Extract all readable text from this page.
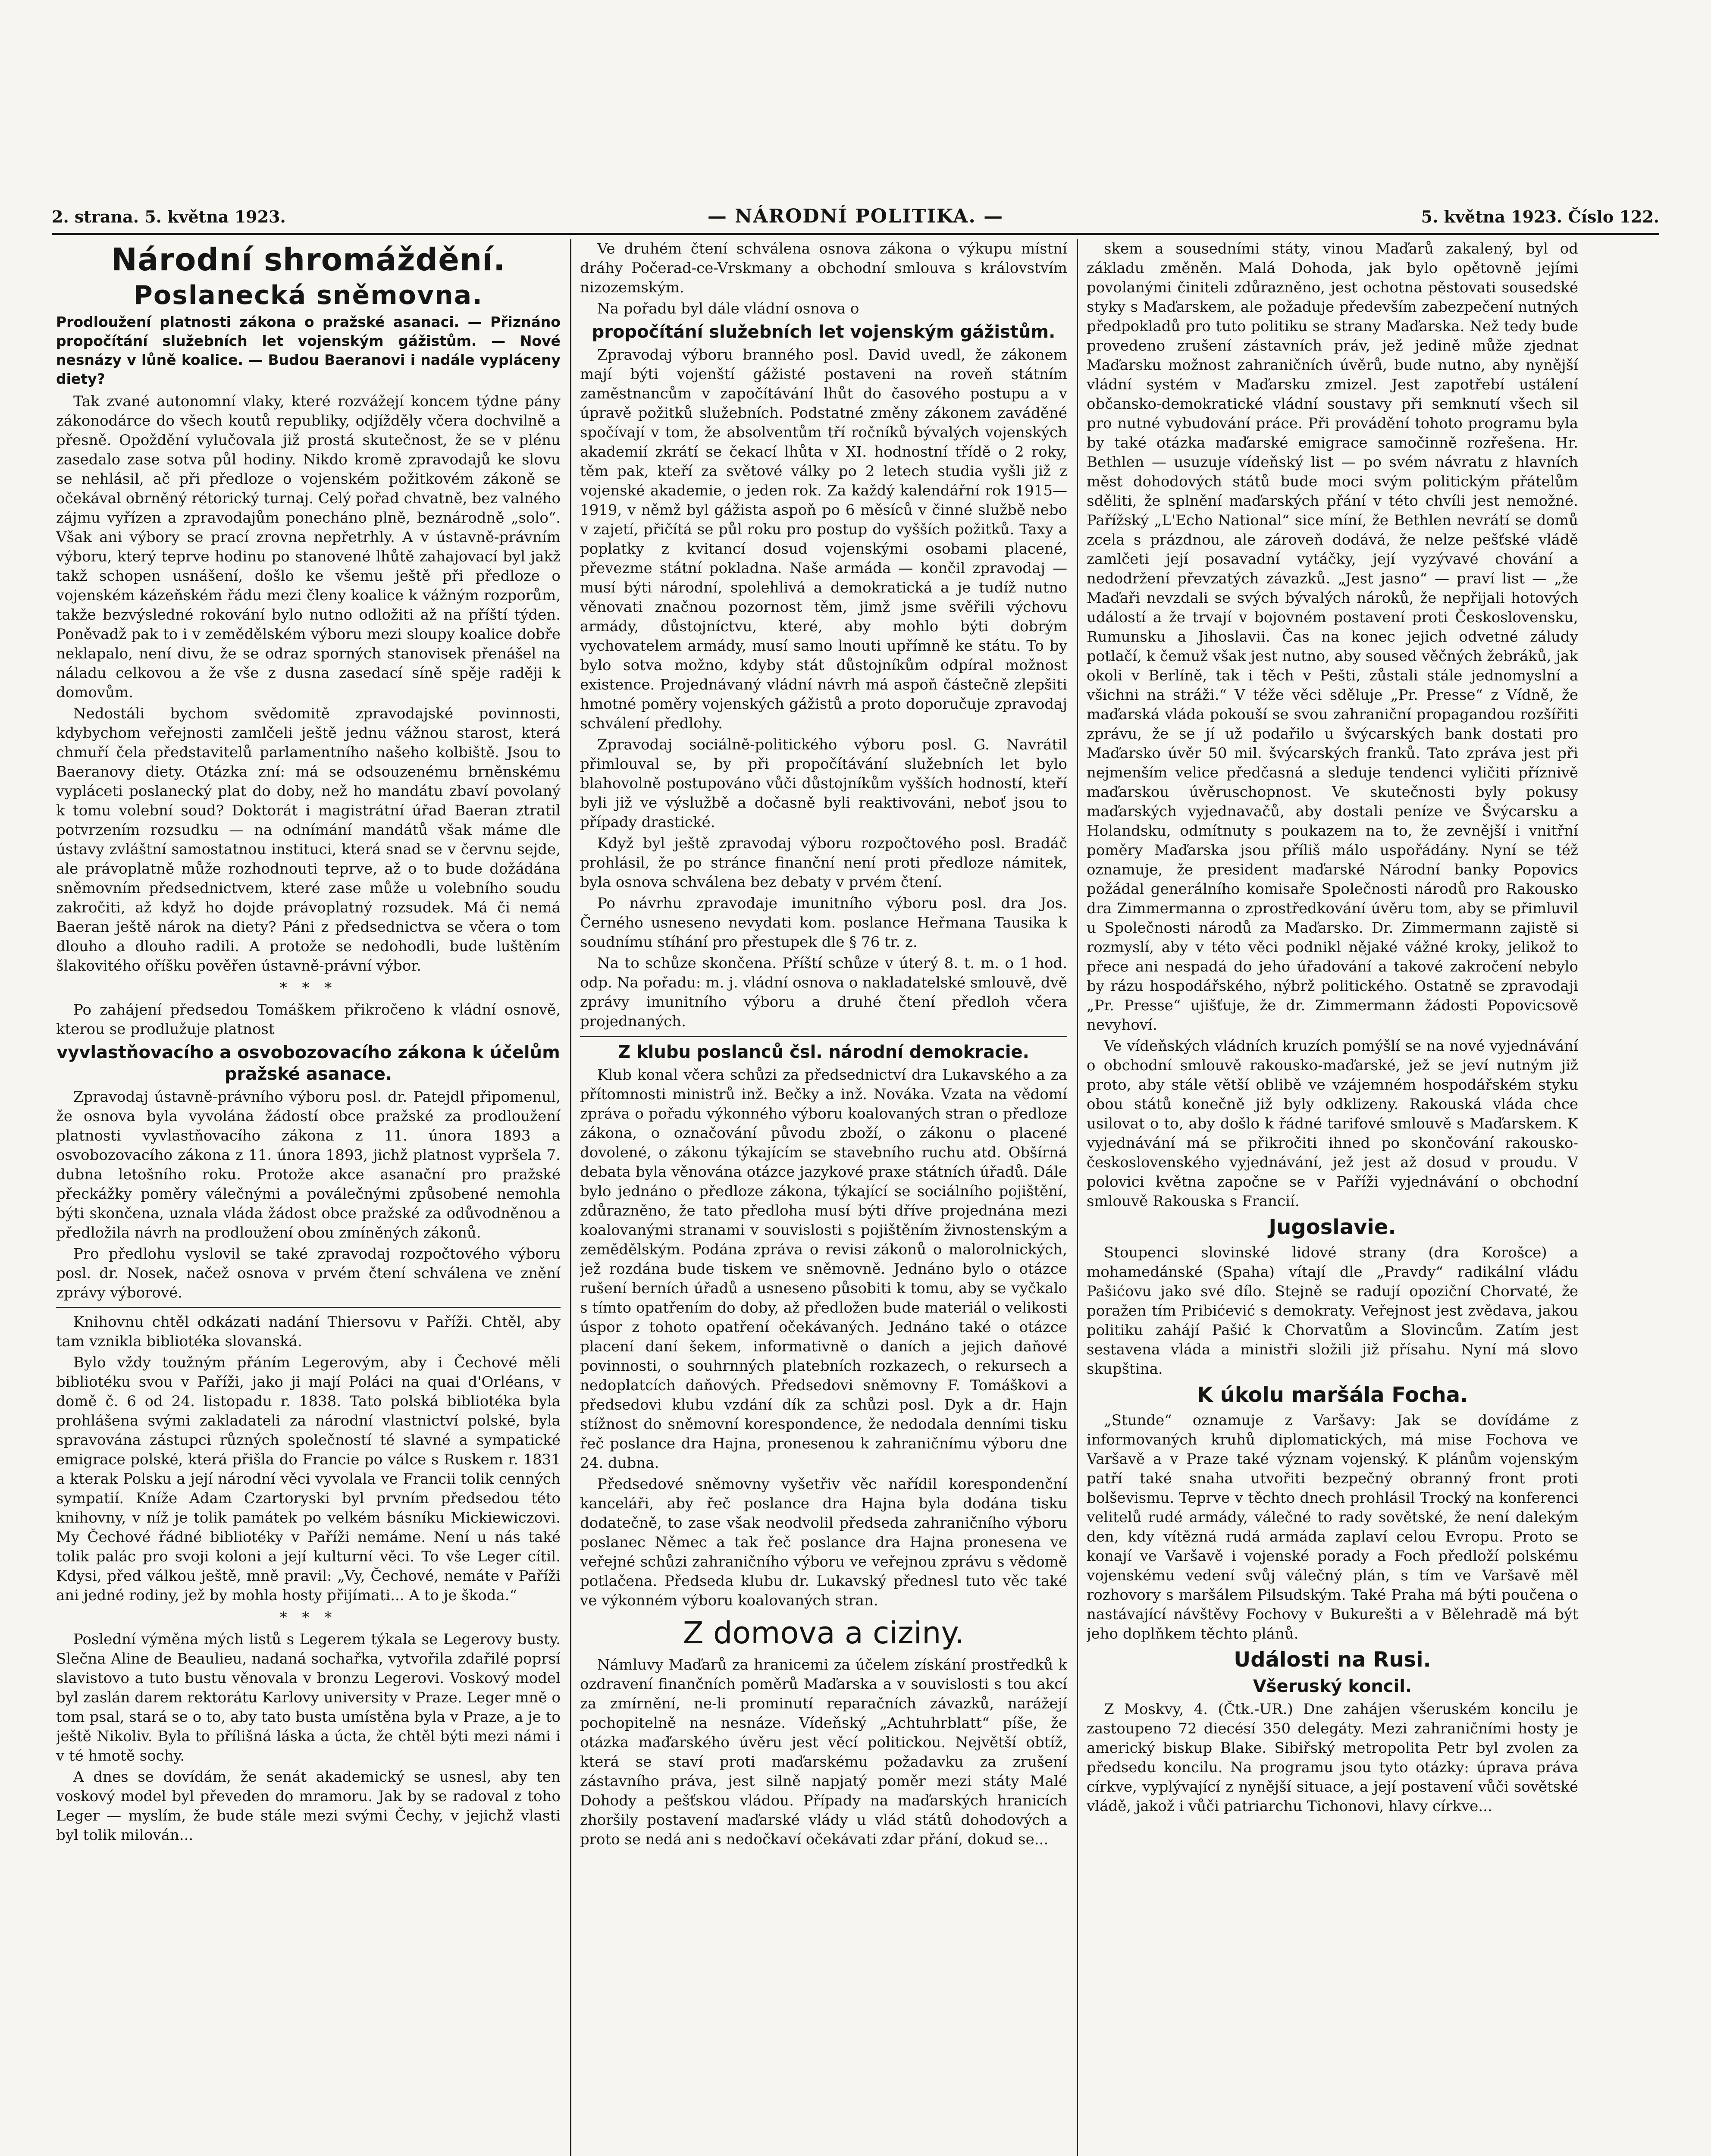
2. strana. 5. května 1923.	— NÁRODNÍ POLITIKA. —	5. května 1923. Číslo 122.
Národní shromáždění.
Poslanecká sněmovna.
Prodloužení platnosti zákona o pražské asanaci. — Přiznáno propočítání služebních let vojenským gážistům. — Nové nesnázy v lůně koalice. — Budou Baeranovi i nadále vypláceny diety?

Tak zvané autonomní vlaky, které rozvážejí koncem týdne pány zákonodárce do všech koutů republiky, odjížděly včera dochvilně a přesně. Opoždění vylučovala již prostá skutečnost, že se v plénu zasedalo zase sotva půl hodiny. Nikdo kromě zpravodajů ke slovu se nehlásil, ač při předloze o vojenském požitkovém zákoně se očekával obrněný rétorický turnaj. Celý pořad chvatně, bez valného zájmu vyřízen a zpravodajům ponecháno plně, beznárodně „solo“. Však ani výbory se prací zrovna nepřetrhly. A v ústavně-právním výboru, který teprve hodinu po stanovené lhůtě zahajovací byl jakž takž schopen usnášení, došlo ke všemu ještě při předloze o vojenském kázeňském řádu mezi členy koalice k vážným rozporům, takže bezvýsledné rokování bylo nutno odložiti až na příští týden. Poněvadž pak to i v zemědělském výboru mezi sloupy koalice dobře neklapalo, není divu, že se odraz sporných stanovisek přenášel na náladu celkovou a že vše z dusna zasedací síně spěje raději k domovům.

Nedostáli bychom svědomitě zpravodajské povinnosti, kdybychom veřejnosti zamlčeli ještě jednu vážnou starost, která chmuří čela představitelů parlamentního našeho kolbiště. Jsou to Baeranovy diety. Otázka zní: má se odsouzenému brněnskému vypláceti poslanecký plat do doby, než ho mandátu zbaví povolaný k tomu volební soud? Doktorát i magistrátní úřad Baeran ztratil potvrzením rozsudku — na odnímání mandátů však máme dle ústavy zvláštní samostatnou instituci, která snad se v červnu sejde, ale právoplatně může rozhodnouti teprve, až o to bude dožádána sněmovním předsednictvem, které zase může u volebního soudu zakročiti, až když ho dojde právoplatný rozsudek. Má či nemá Baeran ještě nárok na diety? Páni z předsednictva se včera o tom dlouho a dlouho radili. A protože se nedohodli, bude luštěním šlakovitého oříšku pověřen ústavně-právní výbor.

* * *

Po zahájení předsedou Tomáškem přikročeno k vládní osnově, kterou se prodlužuje platnost

vyvlastňovacího a osvobozovacího zákona k účelům pražské asanace.

Zpravodaj ústavně-právního výboru posl. dr. Patejdl připomenul, že osnova byla vyvolána žádostí obce pražské za prodloužení platnosti vyvlastňovacího zákona z 11. února 1893 a osvobozovacího zákona z 11. února 1893, jichž platnost vypršela 7. dubna letošního roku. Protože akce asanační pro pražské přeckážky poměry válečnými a poválečnými způsobené nemohla býti skončena, uznala vláda žádost obce pražské za odůvodněnou a předložila návrh na prodloužení obou zmíněných zákonů.

Pro předlohu vyslovil se také zpravodaj rozpočtového výboru posl. dr. Nosek, načež osnova v prvém čtení schválena ve znění zprávy výborové.

Knihovnu chtěl odkázati nadání Thiersovu v Paříži. Chtěl, aby tam vznikla bibliotéka slovanská.

Bylo vždy toužným přáním Legerovým, aby i Čechové měli bibliotéku svou v Paříži, jako ji mají Poláci na quai d'Orléans, v domě č. 6 od 24. listopadu r. 1838. Tato polská bibliotéka byla prohlášena svými zakladateli za národní vlastnictví polské, byla spravována zástupci různých společností té slavné a sympatické emigrace polské, která přišla do Francie po válce s Ruskem r. 1831 a kterak Polsku a její národní věci vyvolala ve Francii tolik cenných sympatií. Kníže Adam Czartoryski byl prvním předsedou této knihovny, v níž je tolik památek po velkém básníku Mickiewiczovi. My Čechové řádné bibliotéky v Paříži nemáme. Není u nás také tolik palác pro svoji koloni a její kulturní věci. To vše Leger cítil. Kdysi, před válkou ještě, mně pravil: „Vy, Čechové, nemáte v Paříži ani jedné rodiny, jež by mohla hosty přijímati... A to je škoda.“

* * *

Poslední výměna mých listů s Legerem týkala se Legerovy busty. Slečna Aline de Beaulieu, nadaná sochařka, vytvořila zdařilé poprsí slavistovo a tuto bustu věnovala v bronzu Legerovi. Voskový model byl zaslán darem rektorátu Karlovy university v Praze. Leger mně o tom psal, stará se o to, aby tato busta umístěna byla v Praze, a je to ještě Nikoliv. Byla to přílišná láska a úcta, že chtěl býti mezi námi i v té hmotě sochy.

A dnes se dovídám, že senát akademický se usnesl, aby ten voskový model byl převeden do mramoru. Jak by se radoval z toho Leger — myslím, že bude stále mezi svými Čechy, v jejichž vlasti byl tolik milován...

Ve druhém čtení schválena osnova zákona o výkupu místní dráhy Počerad-ce-Vrskmany a obchodní smlouva s královstvím nizozemským.

Na pořadu byl dále vládní osnova o

propočítání služebních let vojenským gážistům.

Zpravodaj výboru branného posl. David uvedl, že zákonem mají býti vojenští gážisté postaveni na roveň státním zaměstnancům v započítávání lhůt do časového postupu a v úpravě požitků služebních. Podstatné změny zákonem zaváděné spočívají v tom, že absolventům tří ročníků bývalých vojenských akademií zkrátí se čekací lhůta v XI. hodnostní třídě o 2 roky, těm pak, kteří za světové války po 2 letech studia vyšli již z vojenské akademie, o jeden rok. Za každý kalendářní rok 1915—1919, v němž byl gážista aspoň po 6 měsíců v činné službě nebo v zajetí, přičítá se půl roku pro postup do vyšších požitků. Taxy a poplatky z kvitancí dosud vojenskými osobami placené, převezme státní pokladna. Naše armáda — končil zpravodaj — musí býti národní, spolehlivá a demokratická a je tudíž nutno věnovati značnou pozornost těm, jimž jsme svěřili výchovu armády, důstojníctvu, které, aby mohlo býti dobrým vychovatelem armády, musí samo lnouti upřímně ke státu. To by bylo sotva možno, kdyby stát důstojníkům odpíral možnost existence. Projednávaný vládní návrh má aspoň částečně zlepšiti hmotné poměry vojenských gážistů a proto doporučuje zpravodaj schválení předlohy.

Zpravodaj sociálně-politického výboru posl. G. Navrátil přimlouval se, by při propočítávání služebních let bylo blahovolně postupováno vůči důstojníkům vyšších hodností, kteří byli již ve výslužbě a dočasně byli reaktivováni, neboť jsou to případy drastické.

Když byl ještě zpravodaj výboru rozpočtového posl. Bradáč prohlásil, že po stránce finanční není proti předloze námitek, byla osnova schválena bez debaty v prvém čtení.

Po návrhu zpravodaje imunitního výboru posl. dra Jos. Černého usneseno nevydati kom. poslance Heřmana Tausika k soudnímu stíhání pro přestupek dle § 76 tr. z.

Na to schůze skončena. Příští schůze v úterý 8. t. m. o 1 hod. odp. Na pořadu: m. j. vládní osnova o nakladatelské smlouvě, dvě zprávy imunitního výboru a druhé čtení předloh včera projednaných.

Z klubu poslanců čsl. národní demokracie.

Klub konal včera schůzi za předsednictví dra Lukavského a za přítomnosti ministrů inž. Bečky a inž. Nováka. Vzata na vědomí zpráva o pořadu výkonného výboru koalovaných stran o předloze zákona, o označování původu zboží, o zákonu o placené dovolené, o zákonu týkajícím se stavebního ruchu atd. Obšírná debata byla věnována otázce jazykové praxe státních úřadů. Dále bylo jednáno o předloze zákona, týkající se sociálního pojištění, zdůrazněno, že tato předloha musí býti dříve projednána mezi koalovanými stranami v souvislosti s pojištěním živnostenským a zemědělským. Podána zpráva o revisi zákonů o malorolnických, jež rozdána bude tiskem ve sněmovně. Jednáno bylo o otázce rušení berních úřadů a usneseno působiti k tomu, aby se vyčkalo s tímto opatřením do doby, až předložen bude materiál o velikosti úspor z tohoto opatření očekávaných. Jednáno také o otázce placení daní šekem, informativně o daních a jejich daňové povinnosti, o souhrnných platebních rozkazech, o rekursech a nedoplatcích daňových. Předsedovi sněmovny F. Tomáškovi a předsedovi klubu vzdání dík za schůzi posl. Dyk a dr. Hajn stížnost do sněmovní korespondence, že nedodala denními tisku řeč poslance dra Hajna, pronesenou k zahraničnímu výboru dne 24. dubna.

Předsedové sněmovny vyšetřiv věc nařídil korespondenční kanceláři, aby řeč poslance dra Hajna byla dodána tisku dodatečně, to zase však neodvolil předseda zahraničního výboru poslanec Němec a tak řeč poslance dra Hajna pronesena ve veřejné schůzi zahraničního výboru ve veřejnou zprávu s vědomě potlačena. Předseda klubu dr. Lukavský přednesl tuto věc také ve výkonném výboru koalovaných stran.

Z domova a ciziny.

Námluvy Maďarů za hranicemi za účelem získání prostředků k ozdravení finančních poměrů Maďarska a v souvislosti s tou akcí za zmírnění, ne-li prominutí reparačních závazků, narážejí pochopitelně na nesnáze. Vídeňský „Achtuhrblatt“ píše, že otázka maďarského úvěru jest věcí politickou. Největší obtíž, která se staví proti maďarskému požadavku za zrušení zástavního práva, jest silně napjatý poměr mezi státy Malé Dohody a pešťskou vládou. Případy na maďarských hranicích zhoršily postavení maďarské vlády u vlád států dohodových a proto se nedá ani s nedočkaví očekávati zdar přání, dokud se...

skem a sousedními státy, vinou Maďarů zakalený, byl od základu změněn. Malá Dohoda, jak bylo opětovně jejími povolanými činiteli zdůrazněno, jest ochotna pěstovati sousedské styky s Maďarskem, ale požaduje především zabezpečení nutných předpokladů pro tuto politiku se strany Maďarska. Než tedy bude provedeno zrušení zástavních práv, jež jedině může zjednat Maďarsku možnost zahraničních úvěrů, bude nutno, aby nynější vládní systém v Maďarsku zmizel. Jest zapotřebí ustálení občansko-demokratické vládní soustavy při semknutí všech sil pro nutné vybudování práce. Při provádění tohoto programu byla by také otázka maďarské emigrace samočinně rozřešena. Hr. Bethlen — usuzuje vídeňský list — po svém návratu z hlavních měst dohodových států bude moci svým politickým přátelům sděliti, že splnění maďarských přání v této chvíli jest nemožné. Pařížský „L'Echo National“ sice míní, že Bethlen nevrátí se domů zcela s prázdnou, ale zároveň dodává, že nelze pešťské vládě zamlčeti její posavadní vytáčky, její vyzývavé chování a nedodržení převzatých závazků. „Jest jasno“ — praví list — „že Maďaři nevzdali se svých bývalých nároků, že nepřijali hotových událostí a že trvají v bojovném postavení proti Československu, Rumunsku a Jihoslavii. Čas na konec jejich odvetné záludy potlačí, k čemuž však jest nutno, aby soused věčných žebráků, jak okoli v Berlíně, tak i těch v Pešti, zůstali stále jednomyslní a všichni na stráži.“ V téže věci sděluje „Pr. Presse“ z Vídně, že maďarská vláda pokouší se svou zahraniční propagandou rozšířiti zprávu, že se jí už podařilo u švýcarských bank dostati pro Maďarsko úvěr 50 mil. švýcarských franků. Tato zpráva jest při nejmenším velice předčasná a sleduje tendenci vyličiti příznivě maďarskou úvěruschopnost. Ve skutečnosti byly pokusy maďarských vyjednavačů, aby dostali peníze ve Švýcarsku a Holandsku, odmítnuty s poukazem na to, že zevnější i vnitřní poměry Maďarska jsou příliš málo uspořádány. Nyní se též oznamuje, že president maďarské Národní banky Popovics požádal generálního komisaře Společnosti národů pro Rakousko dra Zimmermanna o zprostředkování úvěru tom, aby se přimluvil u Společnosti národů za Maďarsko. Dr. Zimmermann zajistě si rozmyslí, aby v této věci podnikl nějaké vážné kroky, jelikož to přece ani nespadá do jeho úřadování a takové zakročení nebylo by rázu hospodářského, nýbrž politického. Ostatně se zpravodaji „Pr. Presse“ ujišťuje, že dr. Zimmermann žádosti Popovicsově nevyhoví.

Ve vídeňských vládních kruzích pomýšlí se na nové vyjednávání o obchodní smlouvě rakousko-maďarské, jež se jeví nutným již proto, aby stále větší oblibě ve vzájemném hospodářském styku obou států konečně již byly odklizeny. Rakouská vláda chce usilovat o to, aby došlo k řádné tarifové smlouvě s Maďarskem. K vyjednávání má se přikročiti ihned po skončování rakousko-československého vyjednávání, jež jest až dosud v proudu. V polovici května započne se v Paříži vyjednávání o obchodní smlouvě Rakouska s Francií.

Jugoslavie.

Stoupenci slovinské lidové strany (dra Korošce) a mohamedánské (Spaha) vítají dle „Pravdy“ radikální vládu Pašićovu jako své dílo. Stejně se radují opoziční Chorvaté, že poražen tím Pribićević s demokraty. Veřejnost jest zvědava, jakou politiku zahájí Pašić k Chorvatům a Slovincům. Zatím jest sestavena vláda a ministři složili již přísahu. Nyní má slovo skupština.

K úkolu maršála Focha.

„Stunde“ oznamuje z Varšavy: Jak se dovídáme z informovaných kruhů diplomatických, má mise Fochova ve Varšavě a v Praze také význam vojenský. K plánům vojenským patří také snaha utvořiti bezpečný obranný front proti bolševismu. Teprve v těchto dnech prohlásil Trocký na konferenci velitelů rudé armády, válečné to rady sovětské, že není dalekým den, kdy vítězná rudá armáda zaplaví celou Evropu. Proto se konají ve Varšavě i vojenské porady a Foch předloží polskému vojenskému vedení svůj válečný plán, s tím ve Varšavě měl rozhovory s maršálem Pilsudským. Také Praha má býti poučena o nastávající návštěvy Fochovy v Bukurešti a v Bělehradě má být jeho doplňkem těchto plánů.

Události na Rusi.
Všeruský koncil.

Z Moskvy, 4. (Čtk.-UR.) Dne zahájen všeruském koncilu je zastoupeno 72 diecésí 350 delegáty. Mezi zahraničními hosty je americký biskup Blake. Sibiřský metropolita Petr byl zvolen za předsedu koncilu. Na programu jsou tyto otázky: úprava práva církve, vyplývající z nynější situace, a její postavení vůči sovětské vládě, jakož i vůči patriarchu Tichonovi, hlavy církve...
